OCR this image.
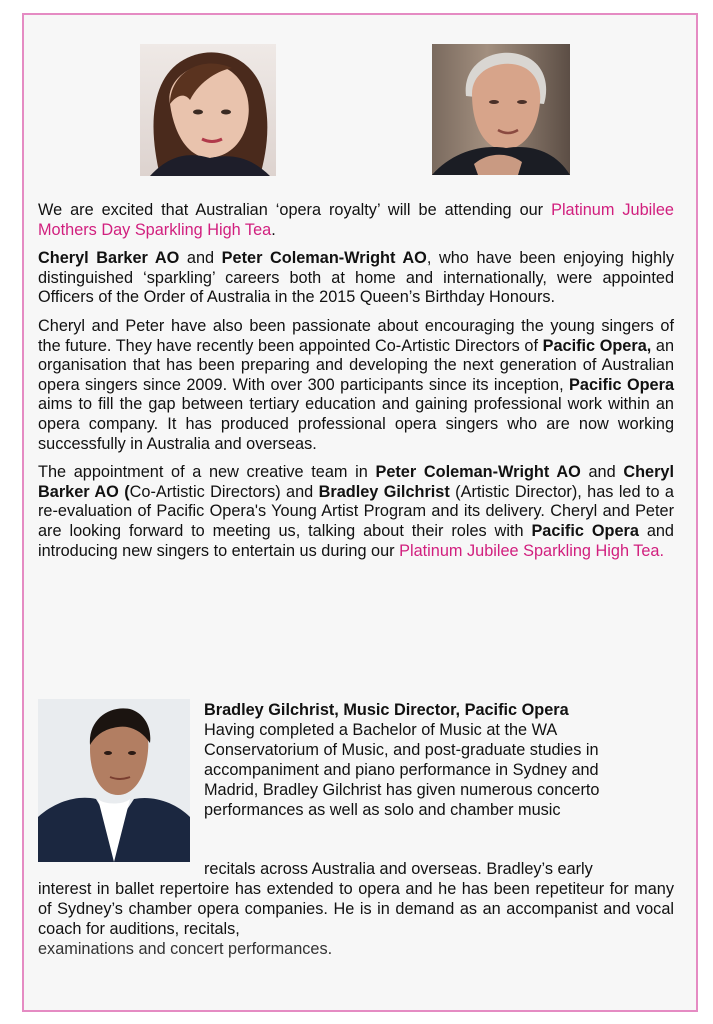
We are excited that Australian ‘opera royalty’ will be attending our Platinum Jubilee Mothers Day Sparkling High Tea.

Cheryl Barker AO and Peter Coleman-Wright AO, who have been enjoying highly distinguished ‘sparkling’ careers both at home and internationally, were appointed Officers of the Order of Australia in the 2015 Queen’s Birthday Honours.

Cheryl and Peter have also been passionate about encouraging the young singers of the future. They have recently been appointed Co-Artistic Directors of Pacific Opera, an organisation that has been preparing and developing the next generation of Australian opera singers since 2009. With over 300 participants since its inception, Pacific Opera aims to fill the gap between tertiary education and gaining professional work within an opera company. It has produced professional opera singers who are now working successfully in Australia and overseas.

The appointment of a new creative team in Peter Coleman-Wright AO and Cheryl Barker AO (Co-Artistic Directors) and Bradley Gilchrist (Artistic Director), has led to a re-evaluation of Pacific Opera's Young Artist Program and its delivery. Cheryl and Peter are looking forward to meeting us, talking about their roles with Pacific Opera and introducing new singers to entertain us during our Platinum Jubilee Sparkling High Tea.

Bradley Gilchrist, Music Director, Pacific Opera
Having completed a Bachelor of Music at the WA
Conservatorium of Music, and post-graduate studies in
accompaniment and piano performance in Sydney and
Madrid, Bradley Gilchrist has given numerous concerto
performances as well as solo and chamber music
recitals across Australia and overseas. Bradley’s early
interest in ballet repertoire has extended to opera and he has been repetiteur for many of Sydney’s chamber opera companies. He is in demand as an accompanist and vocal coach for auditions, recitals,
examinations and concert performances.
